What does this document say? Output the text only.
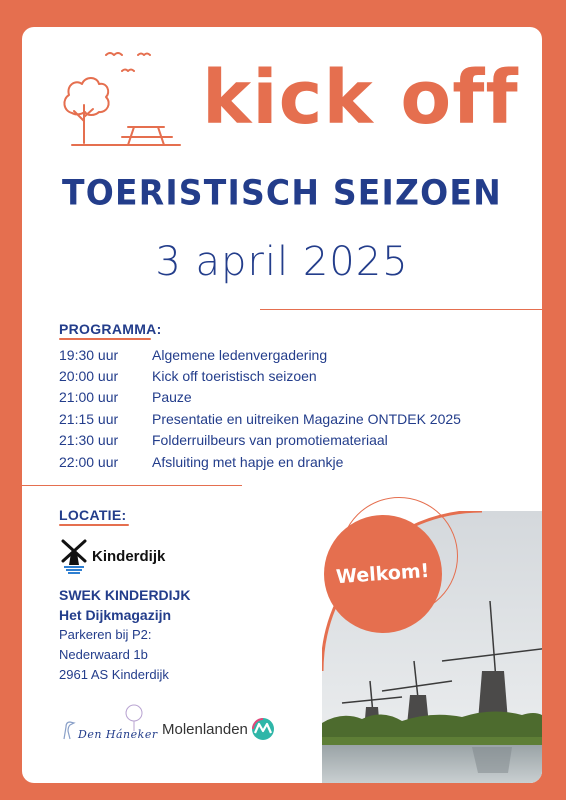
kick off
TOERISTISCH SEIZOEN
3 april 2025
PROGRAMMA:
19:30 uur	Algemene ledenvergadering
20:00 uur	Kick off toeristisch seizoen
21:00 uur	Pauze
21:15 uur	Presentatie en uitreiken Magazine ONTDEK 2025
21:30 uur	Folderruilbeurs van promotiemateriaal
22:00 uur	Afsluiting met hapje en drankje
LOCATIE:
Kinderdijk
SWEK KINDERDIJK
Het Dijkmagazijn
Parkeren bij P2:
Nederwaard 1b
2961 AS Kinderdijk
Den Háneker Molenlanden
Welkom!
